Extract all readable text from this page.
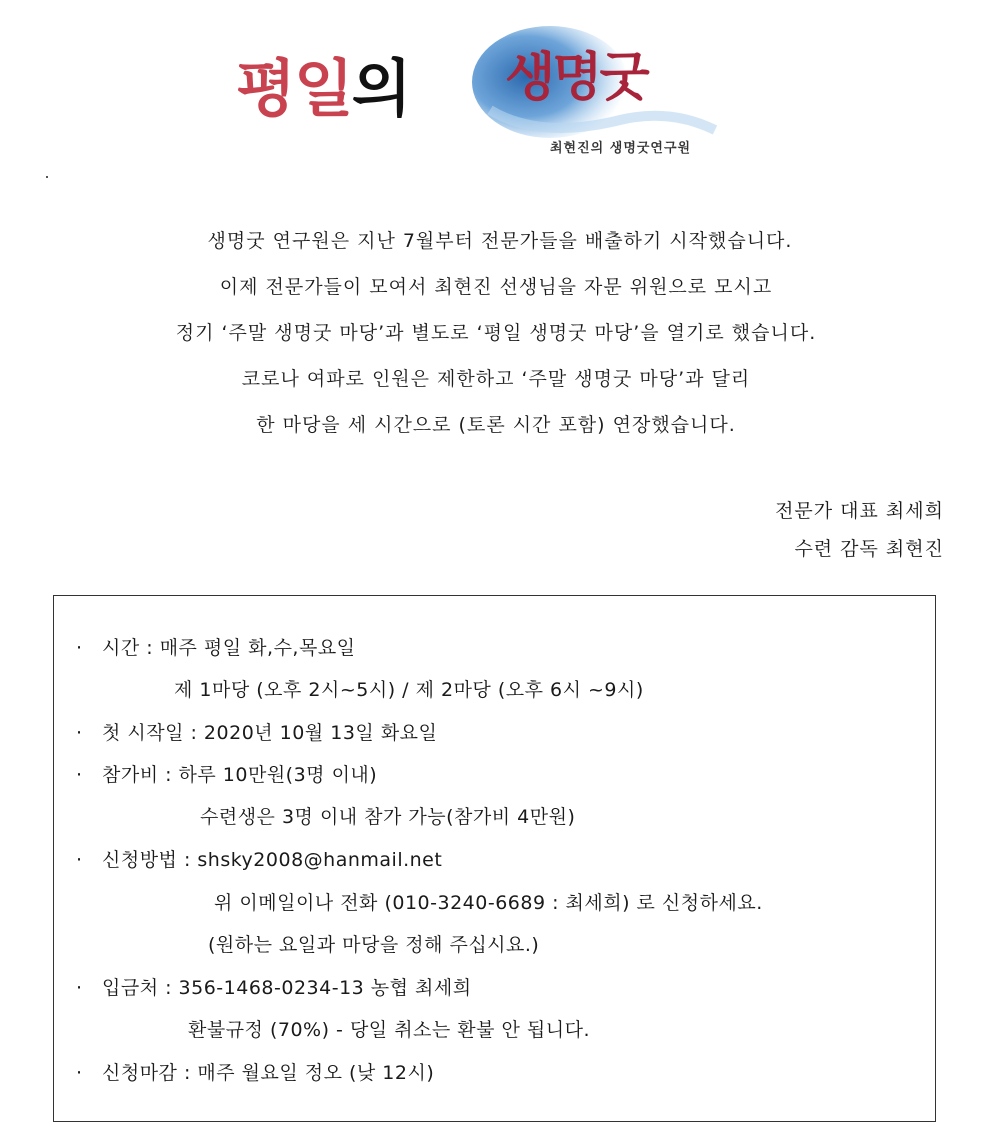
평일의 생명굿
최현진의 생명굿연구원

생명굿 연구원은 지난 7월부터 전문가들을 배출하기 시작했습니다.

이제 전문가들이 모여서 최현진 선생님을 자문 위원으로 모시고

정기 ‘주말 생명굿 마당’과 별도로 ‘평일 생명굿 마당’을 열기로 했습니다.

코로나 여파로 인원은 제한하고 ‘주말 생명굿 마당’과 달리

한 마당을 세 시간으로 (토론 시간 포함) 연장했습니다.

전문가 대표 최세희
수련 감독 최현진
· 시간 : 매주 평일 화,수,목요일
제 1마당 (오후 2시~5시) / 제 2마당 (오후 6시 ~9시)
· 첫 시작일 : 2020년 10월 13일 화요일
· 참가비 : 하루 10만원(3명 이내)
수련생은 3명 이내 참가 가능(참가비 4만원)
· 신청방법 : shsky2008@hanmail.net
위 이메일이나 전화 (010-3240-6689 : 최세희) 로 신청하세요.
(원하는 요일과 마당을 정해 주십시요.)
· 입금처 : 356-1468-0234-13 농협 최세희
환불규정 (70%) - 당일 취소는 환불 안 됩니다.
· 신청마감 : 매주 월요일 정오 (낮 12시)
